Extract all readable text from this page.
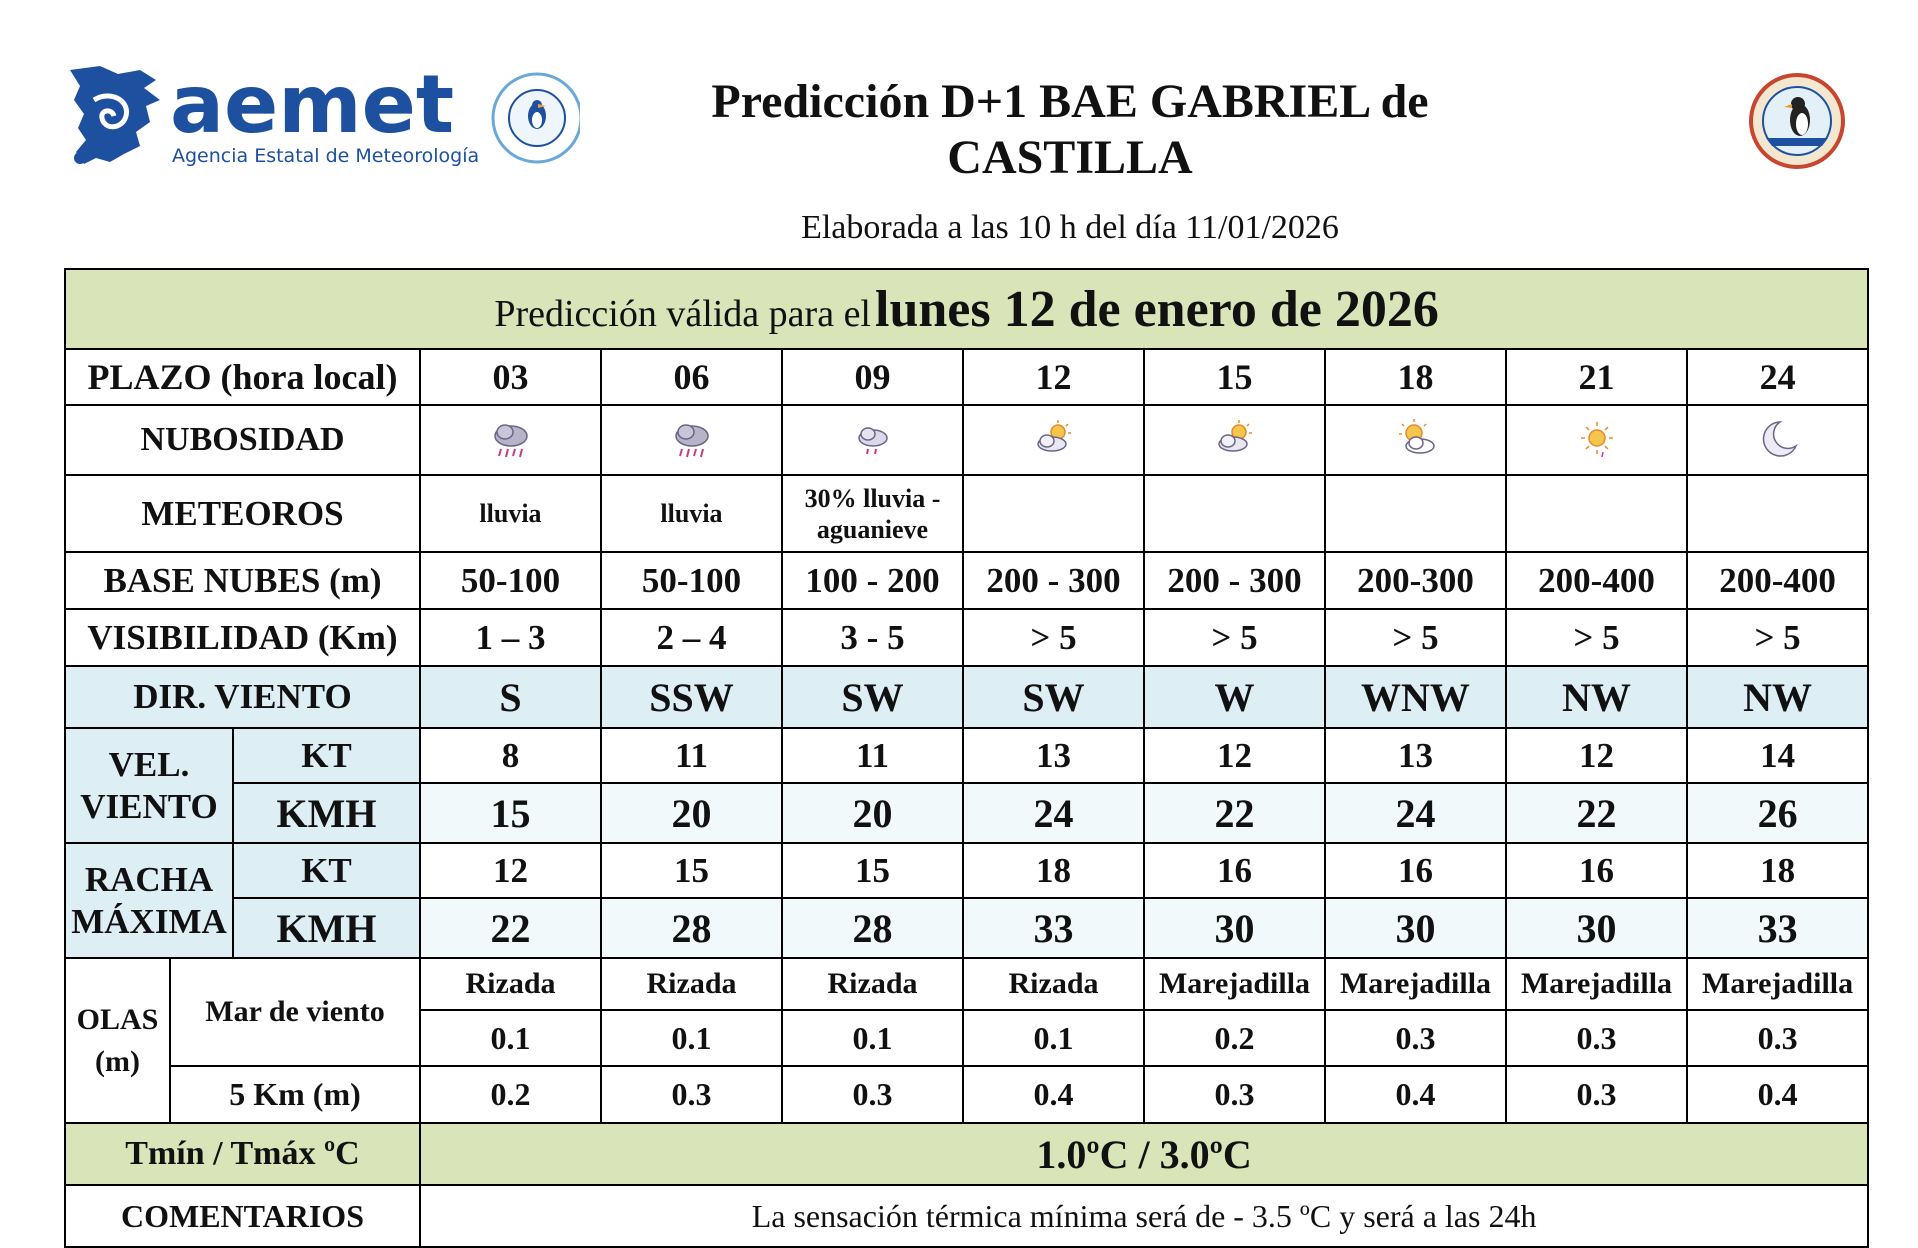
aemet
Agencia Estatal de Meteorología
Predicción D+1 BAE GABRIEL de
CASTILLA
Elaborada a las 10 h del día 11/01/2026
Predicción válida para el lunes 12 de enero de 2026										
PLAZO (hora local)			03	06	09	12	15	18	21	24
NUBOSIDAD	

METEOROS			lluvia	lluvia	30% lluvia - aguanieve					
BASE NUBES (m)			50-100	50-100	100 - 200	200 - 300	200 - 300	200-300	200-400	200-400
VISIBILIDAD (Km)			1 – 3	2 – 4	3 - 5	> 5	> 5	> 5	> 5	> 5
DIR. VIENTO			S	SSW	SW	SW	W	WNW	NW	NW

VEL.
VIENTO		KT	8	11	11	13	12	13	12	14
		KMH	15	20	20	24	22	24	22	26

RACHA
MÁXIMA		KT	12	15	15	18	16	16	16	18
		KMH	22	28	28	33	30	30	30	33

OLAS
(m)	Mar de viento		Rizada	Rizada	Rizada	Rizada	Marejadilla	Marejadilla	Marejadilla	Marejadilla
			0.1	0.1	0.1	0.1	0.2	0.3	0.3	0.3
	5 Km (m)		0.2	0.3	0.3	0.4	0.3	0.4	0.3	0.4
Tmín / Tmáx ºC			1.0ºC / 3.0ºC							
COMENTARIOS			La sensación térmica mínima será de - 3.5 ºC y será a las 24h							
